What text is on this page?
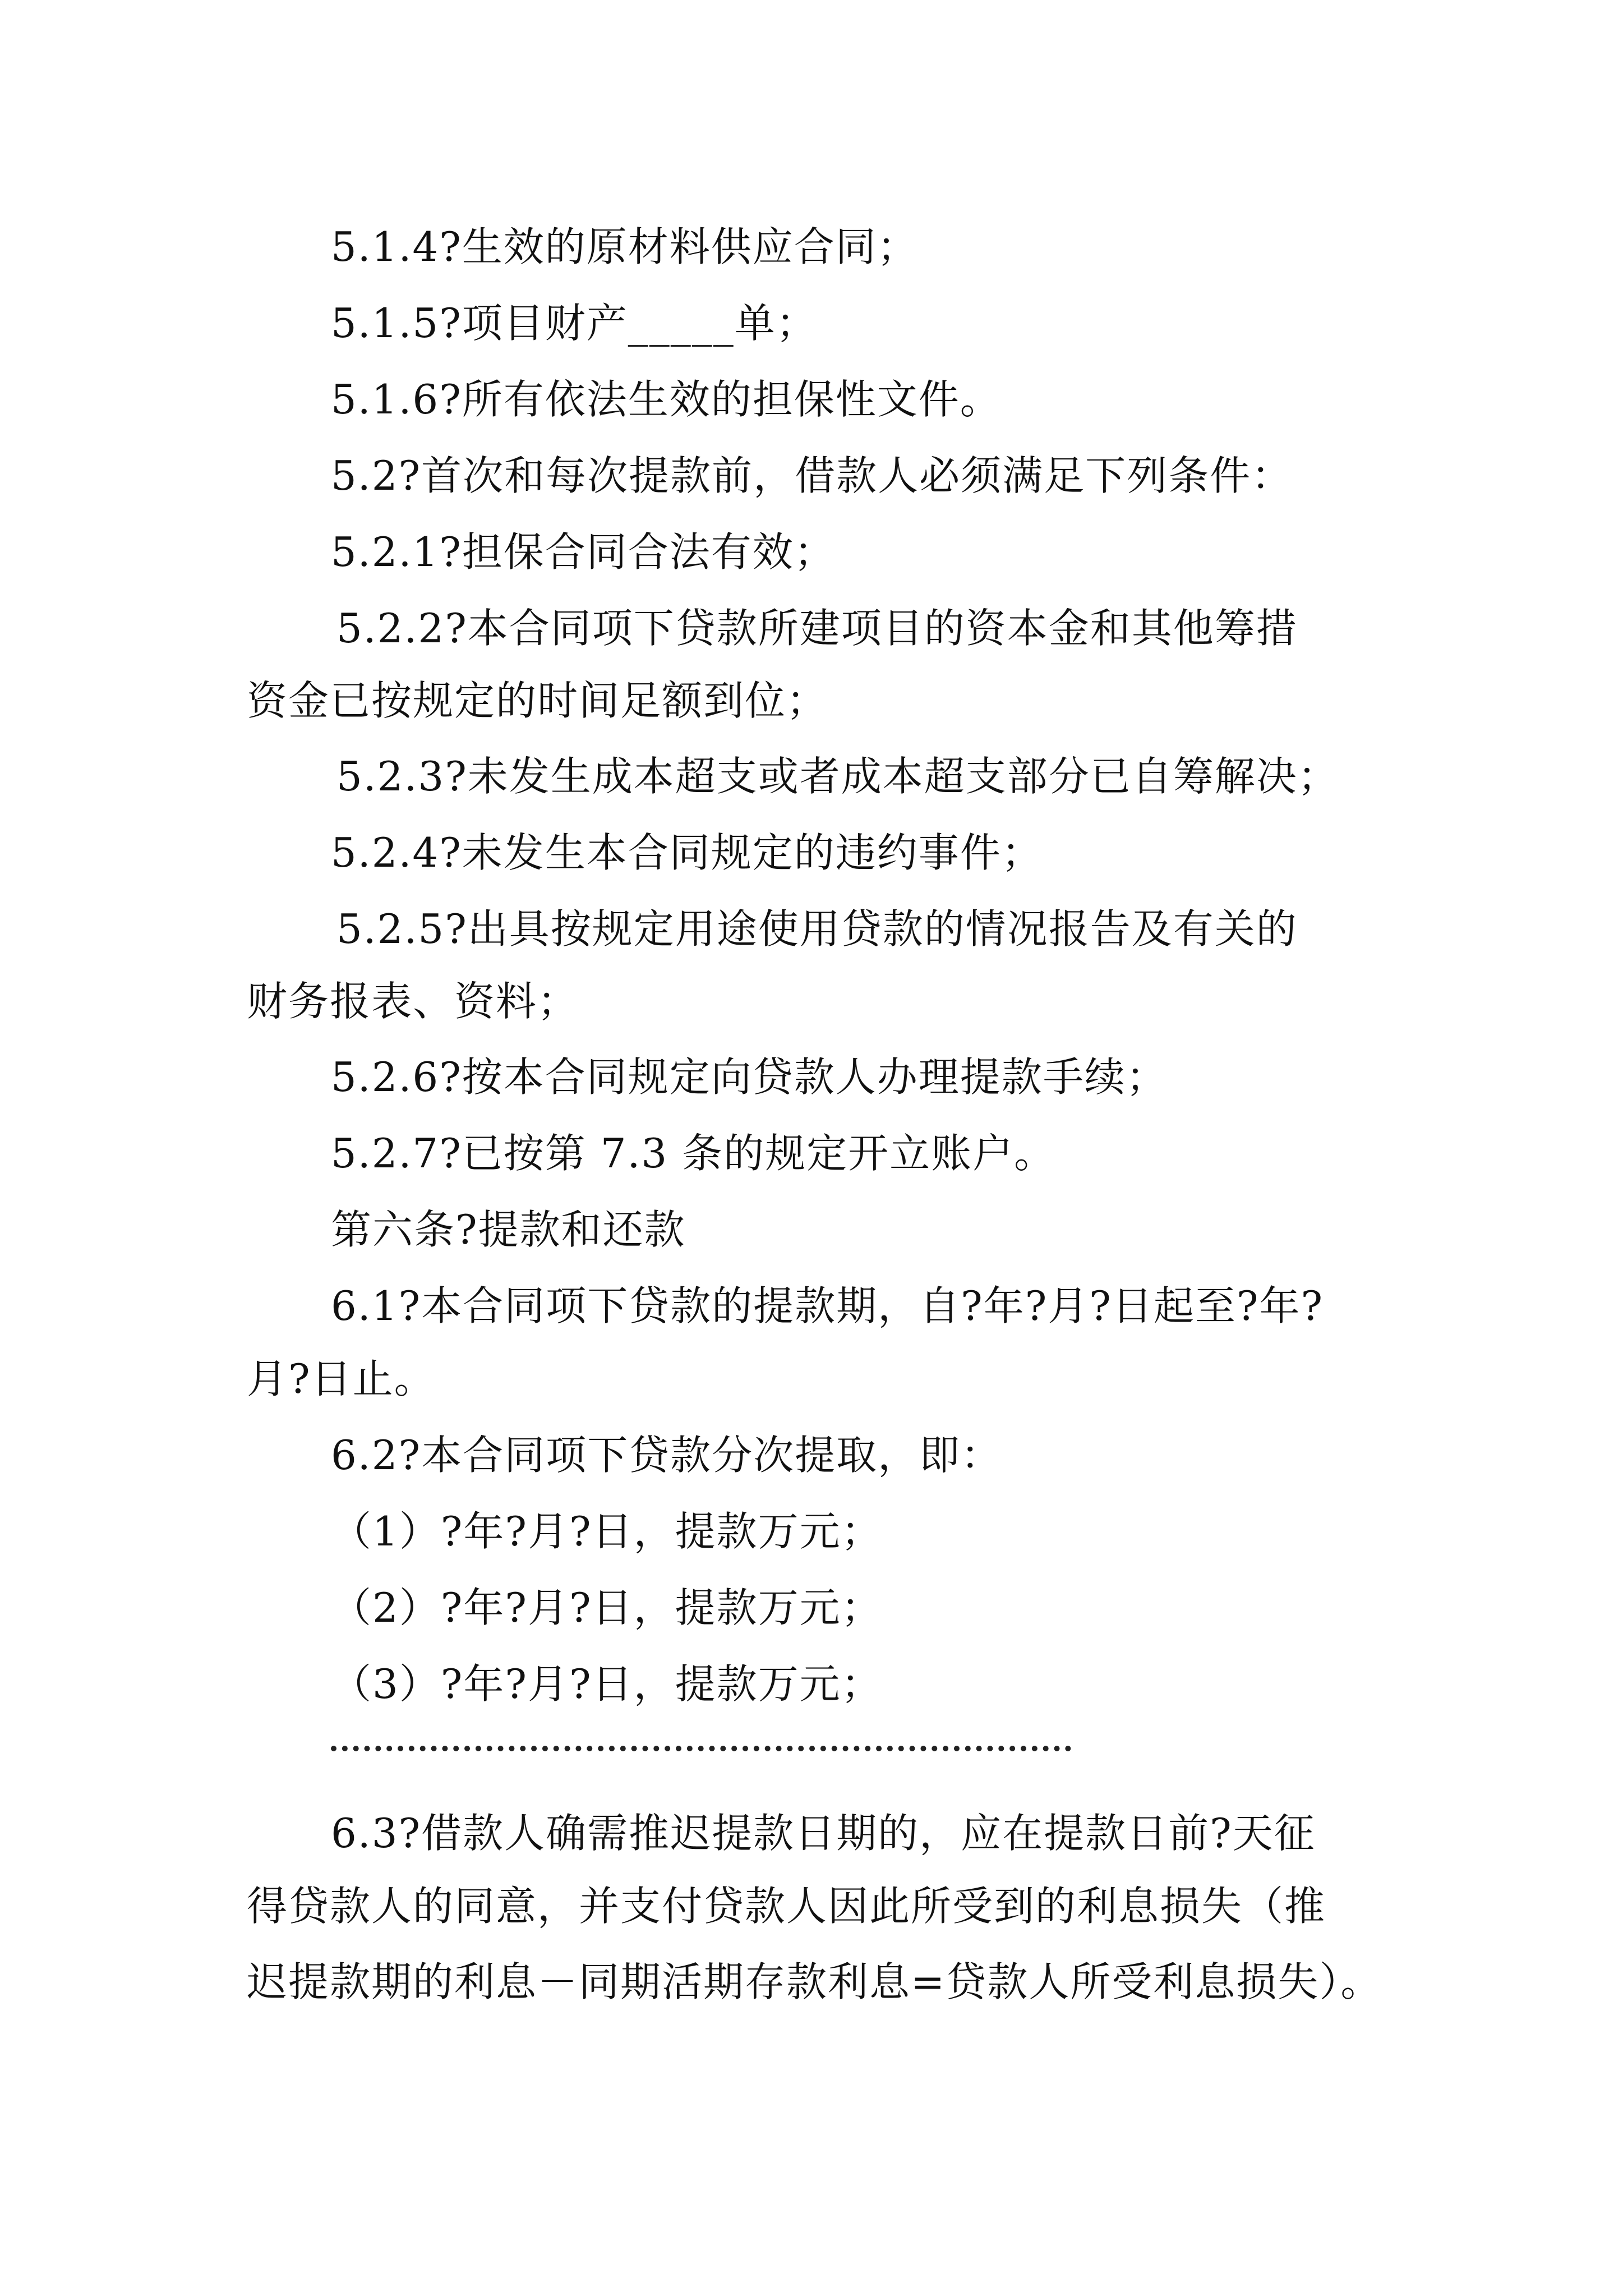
5.1.4?生效的原材料供应合同；
5.1.5?项目财产_____单；
5.1.6?所有依法生效的担保性文件。
5.2?首次和每次提款前，借款人必须满足下列条件：
5.2.1?担保合同合法有效；
5.2.2?本合同项下贷款所建项目的资本金和其他筹措
资金已按规定的时间足额到位；
5.2.3?未发生成本超支或者成本超支部分已自筹解决；
5.2.4?未发生本合同规定的违约事件；
5.2.5?出具按规定用途使用贷款的情况报告及有关的
财务报表、资料；
5.2.6?按本合同规定向贷款人办理提款手续；
5.2.7?已按第 7.3 条的规定开立账户。
第六条?提款和还款
6.1?本合同项下贷款的提款期，自?年?月?日起至?年?
月?日止。
6.2?本合同项下贷款分次提取，即：
（1）?年?月?日，提款万元；
（2）?年?月?日，提款万元；
（3）?年?月?日，提款万元；
6.3?借款人确需推迟提款日期的，应在提款日前?天征
得贷款人的同意，并支付贷款人因此所受到的利息损失（推
迟提款期的利息－同期活期存款利息=贷款人所受利息损失）。
